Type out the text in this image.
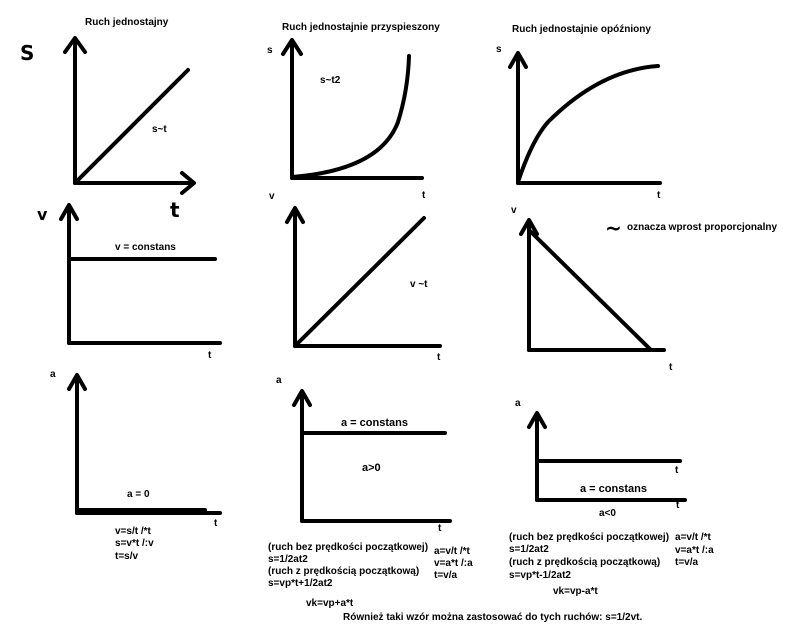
Ruch jednostajny	Ruch jednostajnie przyspieszony	Ruch jednostajnie opóźniony
S
t
s
t
s
t
v
t
v
t
v
t
a
t
a
t
a
t
t
s~t
s~t2
v = constans
v ~t
a = 0
a = constans
a>0
a = constans
a<0
~ oznacza wprost proporcjonalny
v=s/t /*t
s=v*t /:v
t=s/v
(ruch bez prędkości początkowej)
s=1/2at2
(ruch z prędkością początkową)
s=vp*t+1/2at2
vk=vp+a*t
a=v/t /*t
v=a*t /:a
t=v/a
(ruch bez prędkości początkowej)
s=1/2at2
(ruch z prędkością początkową)
s=vp*t-1/2at2
vk=vp-a*t
a=v/t /*t
v=a*t /:a
t=v/a
Również taki wzór można zastosować do tych ruchów: s=1/2vt.
